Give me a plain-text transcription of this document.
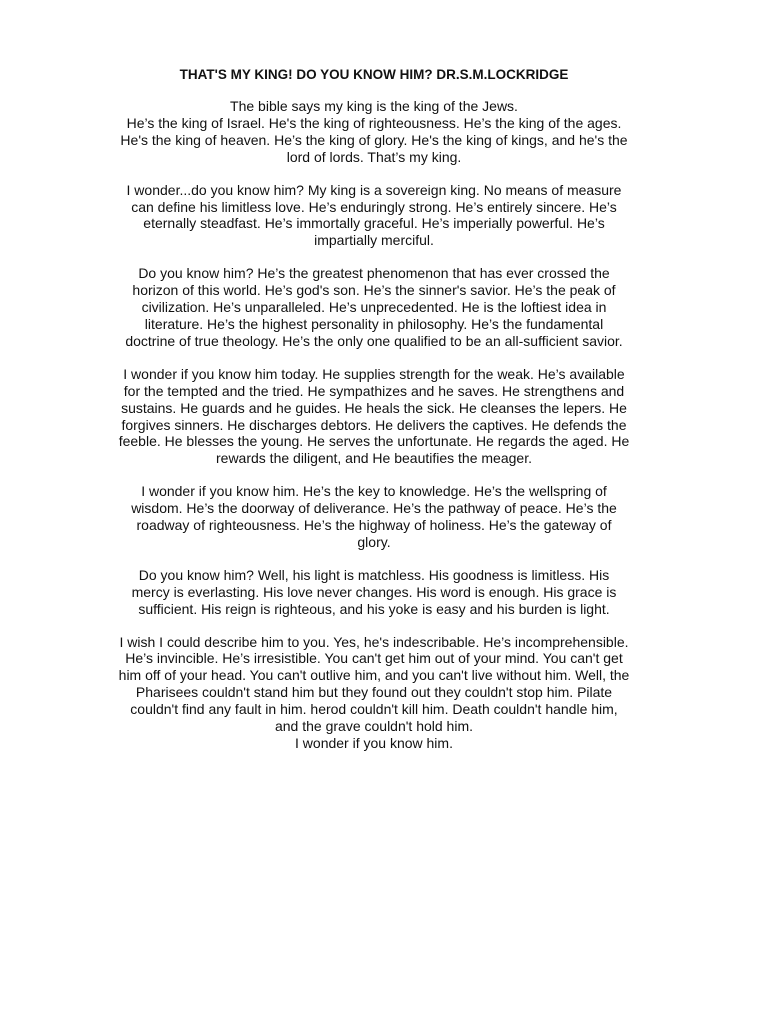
THAT'S MY KING! DO YOU KNOW HIM? DR.S.M.LOCKRIDGE
The bible says my king is the king of the Jews.
He’s the king of Israel. He's the king of righteousness. He’s the king of the ages.
He's the king of heaven. He’s the king of glory. He's the king of kings, and he's the
lord of lords. That’s my king.
I wonder...do you know him? My king is a sovereign king. No means of measure
can define his limitless love. He’s enduringly strong. He’s entirely sincere. He’s
eternally steadfast. He’s immortally graceful. He’s imperially powerful. He’s
impartially merciful.
Do you know him? He’s the greatest phenomenon that has ever crossed the
horizon of this world. He’s god's son. He’s the sinner's savior. He’s the peak of
civilization. He’s unparalleled. He’s unprecedented. He is the loftiest idea in
literature. He’s the highest personality in philosophy. He’s the fundamental
doctrine of true theology. He’s the only one qualified to be an all-sufficient savior.
I wonder if you know him today. He supplies strength for the weak. He’s available
for the tempted and the tried. He sympathizes and he saves. He strengthens and
sustains. He guards and he guides. He heals the sick. He cleanses the lepers. He
forgives sinners. He discharges debtors. He delivers the captives. He defends the
feeble. He blesses the young. He serves the unfortunate. He regards the aged. He
rewards the diligent, and He beautifies the meager.
I wonder if you know him. He’s the key to knowledge. He’s the wellspring of
wisdom. He’s the doorway of deliverance. He’s the pathway of peace. He’s the
roadway of righteousness. He’s the highway of holiness. He’s the gateway of
glory.
Do you know him? Well, his light is matchless. His goodness is limitless. His
mercy is everlasting. His love never changes. His word is enough. His grace is
sufficient. His reign is righteous, and his yoke is easy and his burden is light.
I wish I could describe him to you. Yes, he's indescribable. He’s incomprehensible.
He’s invincible. He’s irresistible. You can't get him out of your mind. You can't get
him off of your head. You can't outlive him, and you can't live without him. Well, the
Pharisees couldn't stand him but they found out they couldn't stop him. Pilate
couldn't find any fault in him. herod couldn't kill him. Death couldn't handle him,
and the grave couldn't hold him.
I wonder if you know him.
